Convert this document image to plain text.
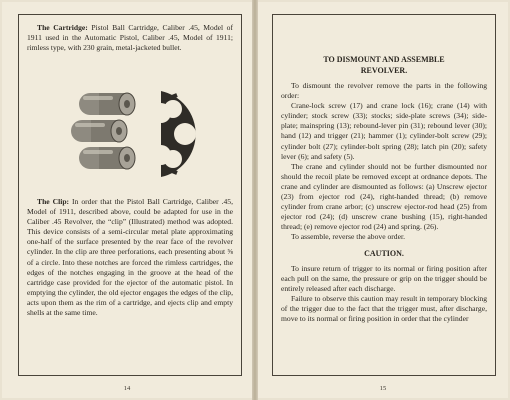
The Cartridge: Pistol Ball Cartridge, Caliber .45, Model of 1911 used in the Automatic Pistol, Caliber .45, Model of 1911; rimless type, with 230 grain, metal-jacketed bullet.

The Clip: In order that the Pistol Ball Cartridge, Caliber .45, Model of 1911, described above, could be adapted for use in the Caliber .45 Revolver, the “clip” (Illustrated) method was adopted. This device consists of a semi-circular metal plate approximating one-half of the surface presented by the rear face of the revolver cylinder. In the clip are three perforations, each presenting about ⅝ of a circle. Into these notches are forced the rimless cartridges, the edges of the notches engaging in the groove at the head of the cartridge case provided for the ejector of the automatic pistol. In emptying the cylinder, the old ejector engages the edges of the clip, acts upon them as the rim of a cartridge, and ejects clip and empty shells at the same time.

14

TO DISMOUNT AND ASSEMBLE

REVOLVER.

To dismount the revolver remove the parts in the following order:

Crane-lock screw (17) and crane lock (16); crane (14) with cylinder; stock screw (33); stocks; side-plate screws (34); side-plate; mainspring (13); rebound-lever pin (31); rebound lever (30); hand (12) and trigger (21); hammer (1); cylinder-bolt screw (29); cylinder bolt (27); cylinder-bolt spring (28); latch pin (20); safety lever (6); and safety (5).

The crane and cylinder should not be further dismounted nor should the recoil plate be removed except at ordnance depots. The crane and cylinder are dismounted as follows: (a) Unscrew ejector (23) from ejector rod (24), right-handed thread; (b) remove cylinder from crane arbor; (c) unscrew ejector-rod head (25) from ejector rod (24); (d) unscrew crane bushing (15), right-handed thread; (e) remove ejector rod (24) and spring. (26).

To assemble, reverse the above order.

CAUTION.

To insure return of trigger to its normal or firing position after each pull on the same, the pressure or grip on the trigger should be entirely released after each discharge.

Failure to observe this caution may result in temporary blocking of the trigger due to the fact that the trigger must, after discharge, move to its normal or firing position in order that the cylinder

15
